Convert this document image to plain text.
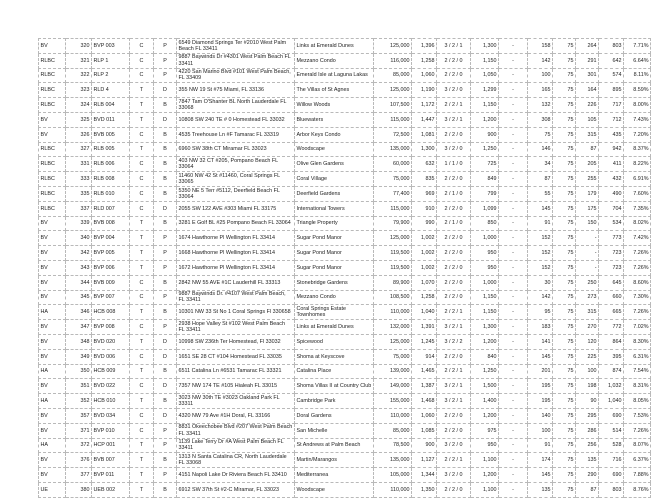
BV	320	BVP 003	C	P	6549 Diamond Springs Ter #2010 West Palm Beach FL 33411	Links at Emerald Dunes	125,000	1,396	3 / 2 / 1	1,300	-	158	75	264	803	7.71%
RLBC	321	RLP 1	C	P	9887 Baywinds Dr #4301 West Palm Beach FL 33411	Mezzano Condo	116,000	1,258	2 / 2 / 0	1,150	-	142	75	291	642	6.64%
RLBC	322	RLP 2	C	P	4220 San Marino Blvd #101 West Palm Beach, FL 33409	Emerald Isle at Laguna Lakas	85,000	1,060	2 / 2 / 0	1,050	-	100	75	301	574	8.11%
RLBC	323	RLD 4	T	D	355 NW 19 St #75 Miami, FL 33136	The Villas of St Agnes	125,000	1,190	3 / 2 / 0	1,299	-	165	75	164	895	8.59%
RLBC	324	RLB 004	T	B	7847 Tam O'Shanter BL North Lauderdale FL 33068	Willow Woods	107,500	1,172	2 / 2 / 1	1,150	-	132	75	226	717	8.00%
BV	325	BVD 011	T	D	10808 SW 240 TE # 0 Homestead FL 33032	Bluewaters	115,000	1,447	3 / 2 / 1	1,200	-	308	75	105	712	7.43%
BV	326	BVB 005	C	B	4535 Treehouse Ln #F Tamarac FL 33319	Arbor Keys Condo	72,500	1,081	2 / 2 / 0	900	-	75	75	315	435	7.20%
RLBC	327	RLB 005	T	B	6960 SW 38th CT Miramar FL 33023	Woodscape	135,000	1,300	3 / 2 / 0	1,250	-	146	75	87	942	8.37%
RLBC	331	RLB 006	C	B	403 NW 32 CT #205, Pompano Beach FL 33064	Olive Glen Gardens	60,000	632	1 / 1 / 0	725	-	34	75	205	411	8.22%
RLBC	333	RLB 008	C	B	11460 NW 42 St #11460, Coral Springs FL 33065	Coral Village	75,000	835	2 / 2 / 0	849	-	87	75	255	432	6.91%
RLBC	335	RLB 010	C	B	5350 NE 5 Terr #5112, Deerfield Beach FL 33064	Deerfield Gardens	77,400	969	2 / 1 / 0	799	-	55	75	179	490	7.60%
RLBC	337	RLD 007	C	D	2055 SW 122 AVE #303 Miami FL 33175	International Towers	115,000	910	2 / 2 / 0	1,099	-	145	75	175	704	7.35%
BV	339	BVB 008	T	B	3281 E Golf BL #25 Pompano Beach FL 33064	Triangle Property	79,900	990	2 / 1 / 0	850	-	91	75	150	534	8.02%
BV	340	BVP 004	T	P	1674 Hawthorne Pl Wellington FL 33414	Sugar Pond Manor	125,000	1,002	2 / 2 / 0	1,000	-	152	75	-	773	7.42%
BV	342	BVP 005	T	P	1668 Hawthorne Pl Wellington FL 33414	Sugar Pond Manor	119,500	1,002	2 / 2 / 0	950	-	152	75	-	723	7.26%
BV	343	BVP 006	T	P	1672 Hawthorne Pl Wellington FL 33414	Sugar Pond Manor	119,500	1,002	2 / 2 / 0	950	-	152	75	-	723	7.26%
BV	344	BVB 009	C	B	2842 NW 55 AVE #1C Lauderhill FL 33313	Stonebridge Gardens	89,900	1,070	2 / 2 / 0	1,000	-	30	75	250	645	8.60%
BV	345	BVP 007	C	P	9887 Baywinds Dr. #4107 West Palm Beach, FL 33411	Mezzano Condo	108,500	1,258	2 / 2 / 0	1,150	-	142	75	273	660	7.30%
HA	346	HCB 008	T	B	10301 NW 33 St No 1 Coral Springs Fl 330658	Coral Springs Estate Townhomes	110,000	1,040	2 / 2 / 1	1,150	-	95	75	315	665	7.26%
BV	347	BVP 008	C	P	2938 Hope Valley St #102 West Palm Beach FL 33411	Links at Emerald Dunes	132,000	1,391	3 / 2 / 1	1,300	-	183	75	270	772	7.02%
BV	348	BVD 020	T	D	10998 SW 236th Ter Homestead, Fl 33032	Spicewood	125,000	1,245	3 / 2 / 2	1,200	-	141	75	120	864	8.30%
BV	349	BVD 006	C	D	1651 SE 28 CT #104 Homestead FL 33035	Shoma at Keyscove	75,000	914	2 / 2 / 0	840	-	145	75	225	395	6.31%
HA	350	HCB 009	T	B	6511 Catalina Ln #6531 Tamarac FL 33321	Catalina Place	139,000	1,465	2 / 2 / 1	1,250	-	201	75	100	874	7.54%
BV	351	BVD 022	C	D	7357 NW 174 TE #105 Hialeah FL 33015	Shoma Villas II at Country Club	149,000	1,387	3 / 2 / 1	1,500	-	195	75	198	1,032	8.31%
HA	352	HCB 010	T	B	3023 NW 30th TE #3023 Oakland Park FL 33311	Cambridge Park	155,000	1,468	3 / 2 / 1	1,400	-	195	75	90	1,040	8.05%
BV	357	BVD 034	C	D	4320 NW 79 Ave #1H Doral, FL 33166	Doral Gardens	110,000	1,060	2 / 2 / 0	1,200	-	140	75	295	690	7.53%
BV	371	BVP 010	C	P	8831 Okeechobee Blvd #207 West Palm Beach FL 33411	San Michelle	85,000	1,085	2 / 2 / 0	975	-	100	75	286	514	7.26%
HA	372	HCP 001	T	P	1139 Lake Terry Dr #A West Palm Beach FL 33411	St Andrews at Palm Beach	78,500	900	3 / 2 / 0	950	-	91	75	256	528	8.07%
BV	376	BVB 007	T	B	1313 N Santa Catalina CR, North Lauderdale FL 33068	Martin/Marangos	135,000	1,127	2 / 2 / 1	1,100	-	174	75	135	716	6.37%
BV	377	BVP 011	T	P	4151 Napoli Lake Dr Riviera Beach FL 33410	Mediterranea	105,000	1,344	3 / 2 / 0	1,200	-	145	75	290	690	7.88%
UE	380	UEB 002	T	B	6912 SW 37th St #2-C Miramar, FL 33023	Woodscape	110,000	1,350	2 / 2 / 0	1,100	-	135	75	87	803	8.76%
